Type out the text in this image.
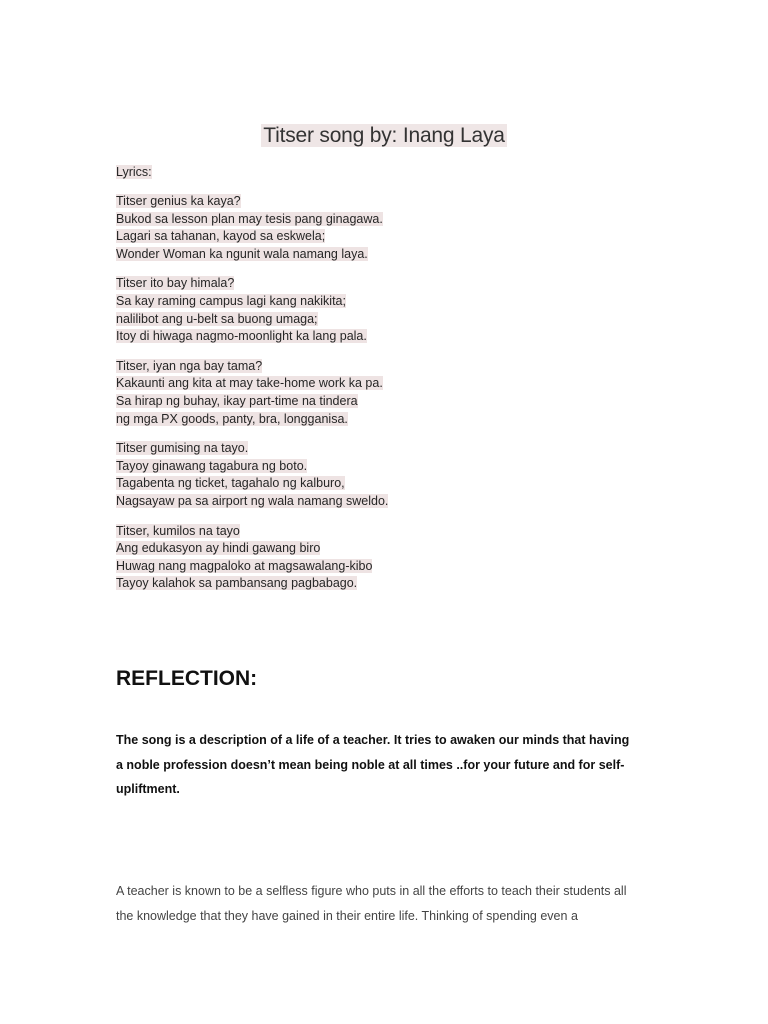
Titser song by: Inang Laya
Lyrics:
Titser genius ka kaya?
Bukod sa lesson plan may tesis pang ginagawa.
Lagari sa tahanan, kayod sa eskwela;
Wonder Woman ka ngunit wala namang laya.
Titser ito bay himala?
Sa kay raming campus lagi kang nakikita;
nalilibot ang u-belt sa buong umaga;
Itoy di hiwaga nagmo-moonlight ka lang pala.
Titser, iyan nga bay tama?
Kakaunti ang kita at may take-home work ka pa.
Sa hirap ng buhay, ikay part-time na tindera
ng mga PX goods, panty, bra, longganisa.
Titser gumising na tayo.
Tayoy ginawang tagabura ng boto.
Tagabenta ng ticket, tagahalo ng kalburo,
Nagsayaw pa sa airport ng wala namang sweldo.
Titser, kumilos na tayo
Ang edukasyon ay hindi gawang biro
Huwag nang magpaloko at magsawalang-kibo
Tayoy kalahok sa pambansang pagbabago.
REFLECTION:
The song is a description of a life of a teacher. It tries to awaken our minds that having a noble profession doesn’t mean being noble at all times ..for your future and for self-upliftment.
A teacher is known to be a selfless figure who puts in all the efforts to teach their students all the knowledge that they have gained in their entire life. Thinking of spending even a
